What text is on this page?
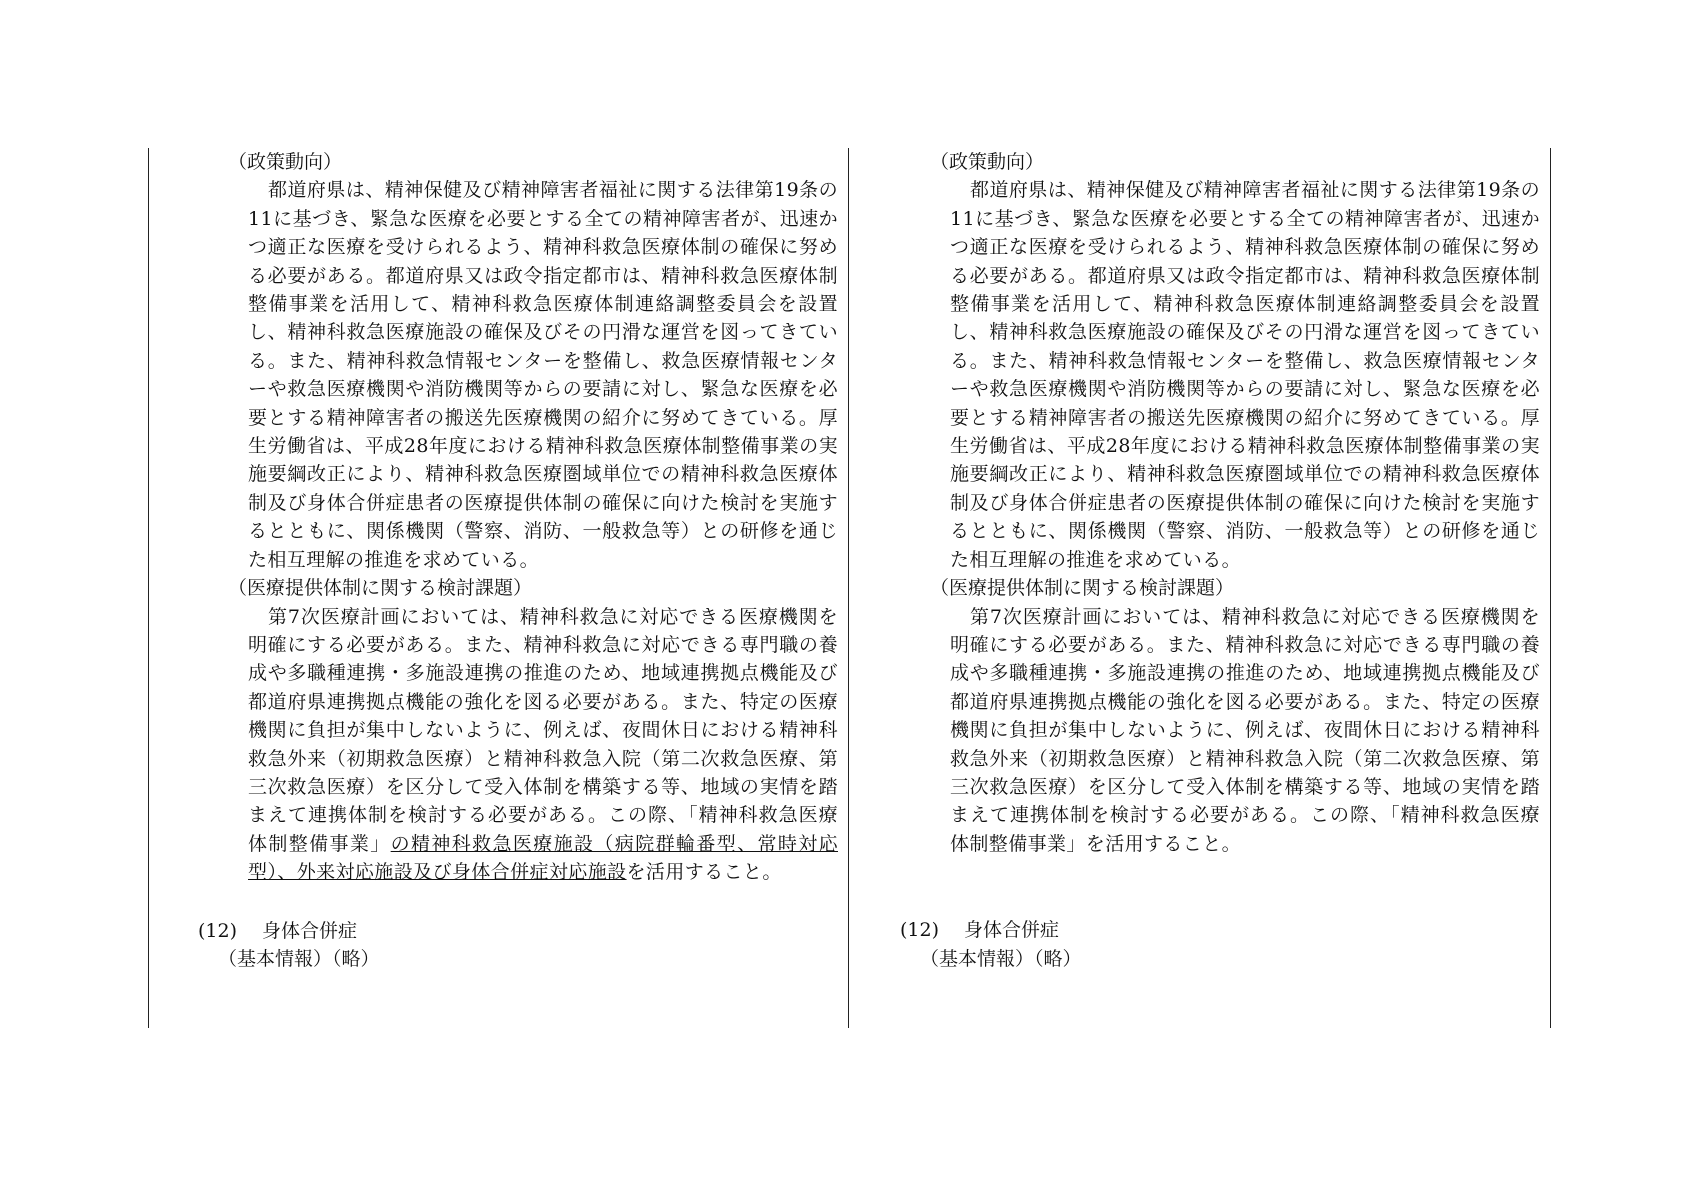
（政策動向）
都道府県は、精神保健及び精神障害者福祉に関する法律第19条の11に基づき、緊急な医療を必要とする全ての精神障害者が、迅速かつ適正な医療を受けられるよう、精神科救急医療体制の確保に努める必要がある。都道府県又は政令指定都市は、精神科救急医療体制整備事業を活用して、精神科救急医療体制連絡調整委員会を設置し、精神科救急医療施設の確保及びその円滑な運営を図ってきている。また、精神科救急情報センターを整備し、救急医療情報センターや救急医療機関や消防機関等からの要請に対し、緊急な医療を必要とする精神障害者の搬送先医療機関の紹介に努めてきている。厚生労働省は、平成28年度における精神科救急医療体制整備事業の実施要綱改正により、精神科救急医療圏域単位での精神科救急医療体制及び身体合併症患者の医療提供体制の確保に向けた検討を実施するとともに、関係機関（警察、消防、一般救急等）との研修を通じた相互理解の推進を求めている。
（医療提供体制に関する検討課題）
第7次医療計画においては、精神科救急に対応できる医療機関を明確にする必要がある。また、精神科救急に対応できる専門職の養成や多職種連携・多施設連携の推進のため、地域連携拠点機能及び都道府県連携拠点機能の強化を図る必要がある。また、特定の医療機関に負担が集中しないように、例えば、夜間休日における精神科救急外来（初期救急医療）と精神科救急入院（第二次救急医療、第三次救急医療）を区分して受入体制を構築する等、地域の実情を踏まえて連携体制を検討する必要がある。この際、「精神科救急医療体制整備事業」の精神科救急医療施設（病院群輪番型、常時対応型）、外来対応施設及び身体合併症対応施設を活用すること。
(12) 身体合併症
（基本情報）（略）
（政策動向）
都道府県は、精神保健及び精神障害者福祉に関する法律第19条の11に基づき、緊急な医療を必要とする全ての精神障害者が、迅速かつ適正な医療を受けられるよう、精神科救急医療体制の確保に努める必要がある。都道府県又は政令指定都市は、精神科救急医療体制整備事業を活用して、精神科救急医療体制連絡調整委員会を設置し、精神科救急医療施設の確保及びその円滑な運営を図ってきている。また、精神科救急情報センターを整備し、救急医療情報センターや救急医療機関や消防機関等からの要請に対し、緊急な医療を必要とする精神障害者の搬送先医療機関の紹介に努めてきている。厚生労働省は、平成28年度における精神科救急医療体制整備事業の実施要綱改正により、精神科救急医療圏域単位での精神科救急医療体制及び身体合併症患者の医療提供体制の確保に向けた検討を実施するとともに、関係機関（警察、消防、一般救急等）との研修を通じた相互理解の推進を求めている。
（医療提供体制に関する検討課題）
第7次医療計画においては、精神科救急に対応できる医療機関を明確にする必要がある。また、精神科救急に対応できる専門職の養成や多職種連携・多施設連携の推進のため、地域連携拠点機能及び都道府県連携拠点機能の強化を図る必要がある。また、特定の医療機関に負担が集中しないように、例えば、夜間休日における精神科救急外来（初期救急医療）と精神科救急入院（第二次救急医療、第三次救急医療）を区分して受入体制を構築する等、地域の実情を踏まえて連携体制を検討する必要がある。この際、「精神科救急医療体制整備事業」を活用すること。
(12) 身体合併症
（基本情報）（略）
